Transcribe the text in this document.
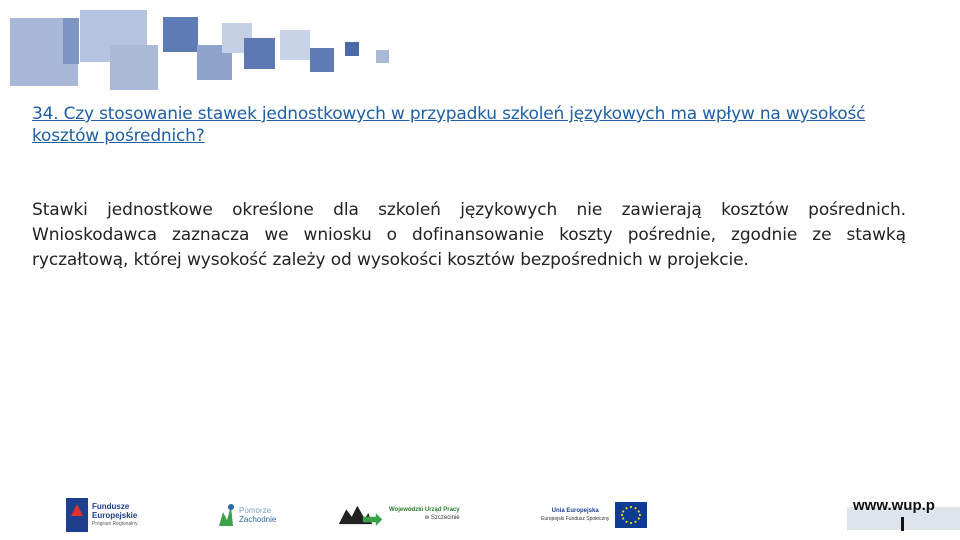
34. Czy stosowanie stawek jednostkowych w przypadku szkoleń językowych ma wpływ na wysokość kosztów pośrednich?

Stawki jednostkowe określone dla szkoleń językowych nie zawierają kosztów pośrednich. Wnioskodawca zaznacza we wniosku o dofinansowanie koszty pośrednie, zgodnie ze stawką ryczałtową, której wysokość zależy od wysokości kosztów bezpośrednich w projekcie.

Fundusze
Europejskie
Program Regionalny
Pomorze
Zachodnie
Wojewódzki Urząd Pracy
w Szczecinie
Unia Europejska
Europejski Fundusz Społeczny
www.wup.p
